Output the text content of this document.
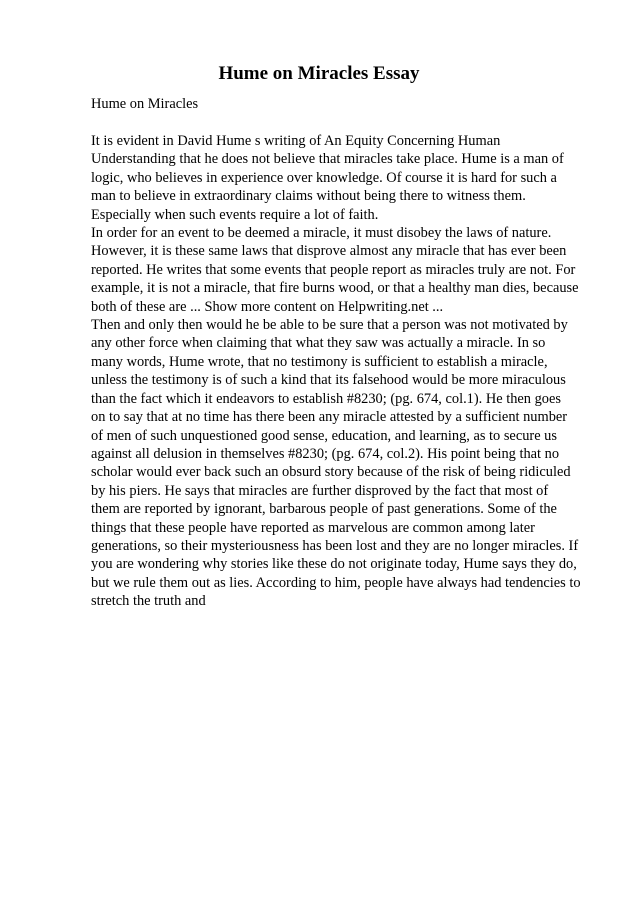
Hume on Miracles Essay
Hume on Miracles
It is evident in David Hume s writing of An Equity Concerning Human
Understanding that he does not believe that miracles take place. Hume is a man of
logic, who believes in experience over knowledge. Of course it is hard for such a
man to believe in extraordinary claims without being there to witness them.
Especially when such events require a lot of faith.
In order for an event to be deemed a miracle, it must disobey the laws of nature.
However, it is these same laws that disprove almost any miracle that has ever been
reported. He writes that some events that people report as miracles truly are not. For
example, it is not a miracle, that fire burns wood, or that a healthy man dies, because
both of these are ... Show more content on Helpwriting.net ...
Then and only then would he be able to be sure that a person was not motivated by
any other force when claiming that what they saw was actually a miracle. In so
many words, Hume wrote, that no testimony is sufficient to establish a miracle,
unless the testimony is of such a kind that its falsehood would be more miraculous
than the fact which it endeavors to establish #8230; (pg. 674, col.1). He then goes
on to say that at no time has there been any miracle attested by a sufficient number
of men of such unquestioned good sense, education, and learning, as to secure us
against all delusion in themselves #8230; (pg. 674, col.2). His point being that no
scholar would ever back such an obsurd story because of the risk of being ridiculed
by his piers. He says that miracles are further disproved by the fact that most of
them are reported by ignorant, barbarous people of past generations. Some of the
things that these people have reported as marvelous are common among later
generations, so their mysteriousness has been lost and they are no longer miracles. If
you are wondering why stories like these do not originate today, Hume says they do,
but we rule them out as lies. According to him, people have always had tendencies to
stretch the truth and
